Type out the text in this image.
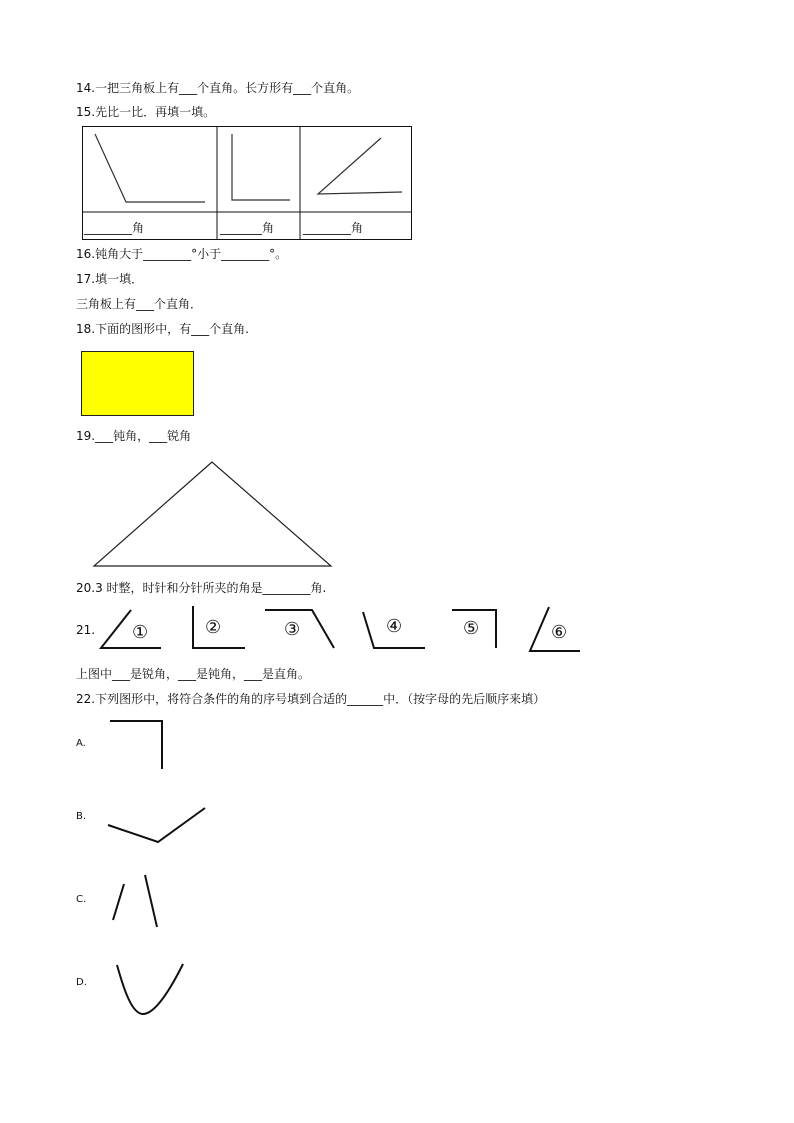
14.一把三角板上有___个直角。长方形有___个直角。
15.先比一比．再填一填。
________角	_______角 ________角
16.钝角大于________°小于________°。
17.填一填．
三角板上有___个直角．
18.下面的图形中，有___个直角.
19.___钝角，___锐角
20.3 时整，时针和分针所夹的角是________角.
21. ①	②	③	④	⑤	⑥
上图中___是锐角，___是钝角，___是直角。
22.下列图形中，将符合条件的角的序号填到合适的______中．（按字母的先后顺序来填）
A.
B.
C.
D.
